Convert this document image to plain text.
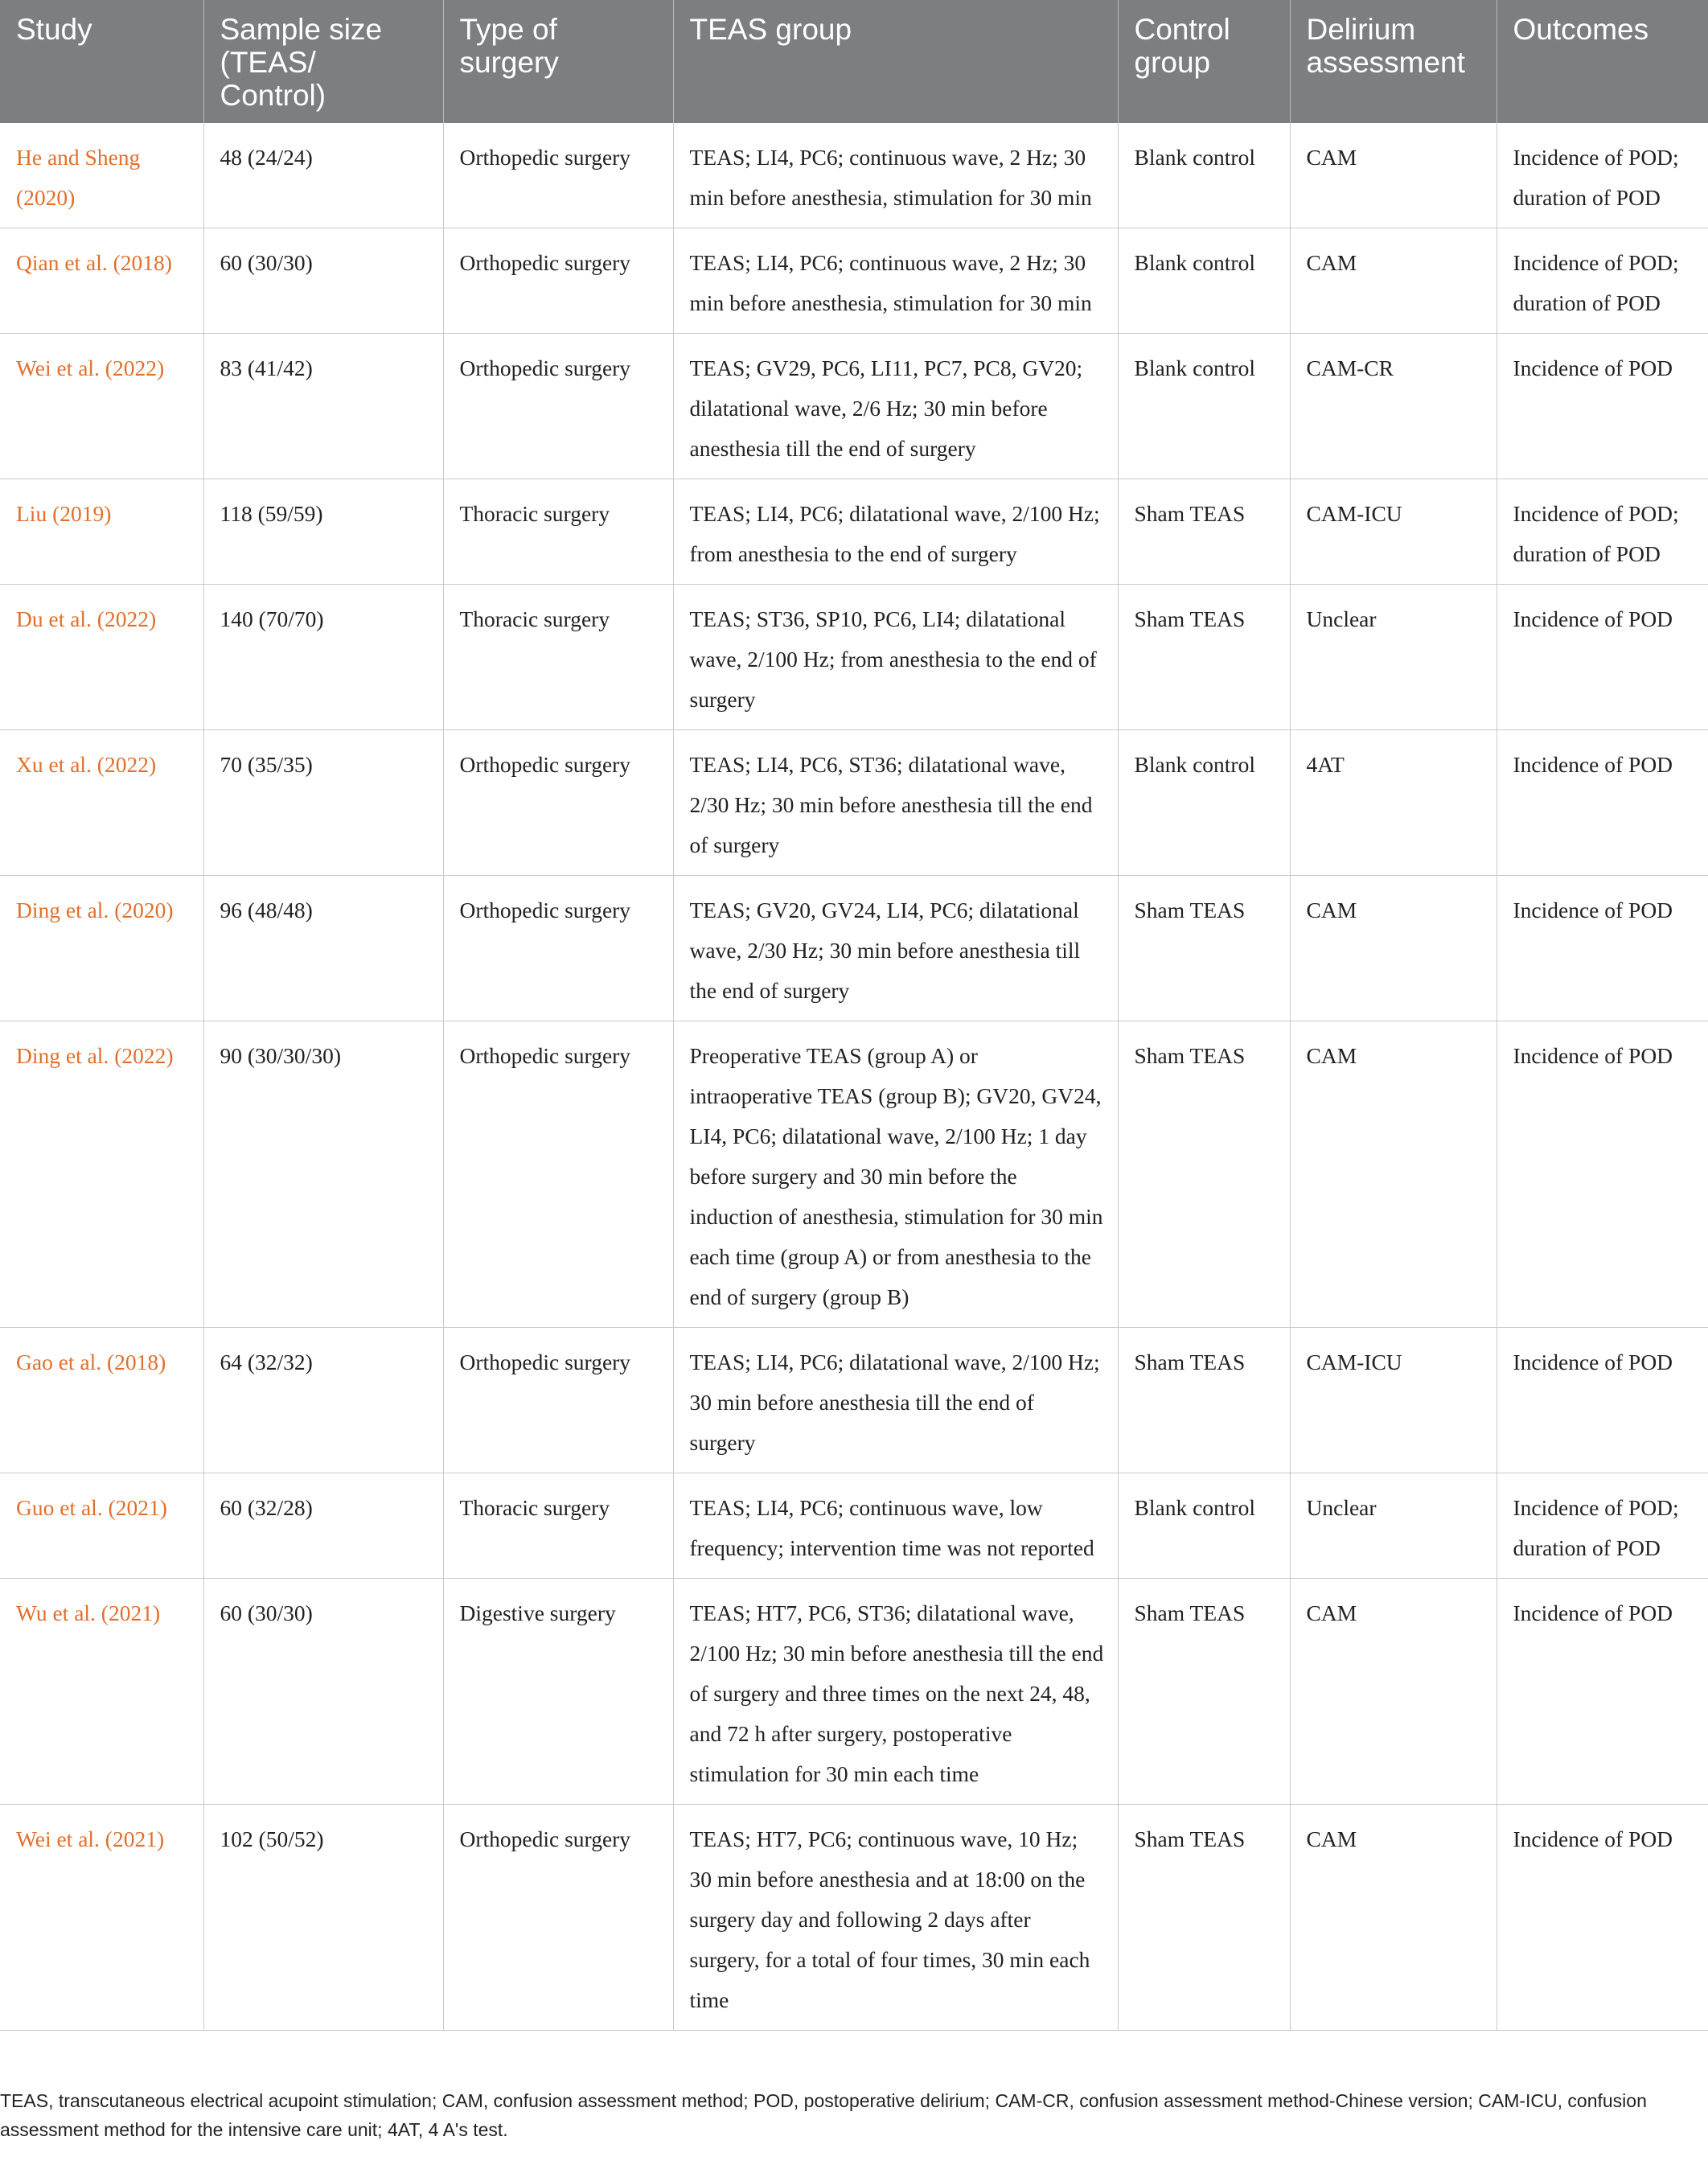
Study	Sample size (TEAS/ Control)	Type of surgery	TEAS group	Control group	Delirium assessment	Outcomes
He and Sheng (2020)	48 (24/24)	Orthopedic surgery	TEAS; LI4, PC6; continuous wave, 2 Hz; 30 min before anesthesia, stimulation for 30 min	Blank control	CAM	Incidence of POD; duration of POD
Qian et al. (2018)	60 (30/30)	Orthopedic surgery	TEAS; LI4, PC6; continuous wave, 2 Hz; 30 min before anesthesia, stimulation for 30 min	Blank control	CAM	Incidence of POD; duration of POD
Wei et al. (2022)	83 (41/42)	Orthopedic surgery	TEAS; GV29, PC6, LI11, PC7, PC8, GV20; dilatational wave, 2/6 Hz; 30 min before anesthesia till the end of surgery	Blank control	CAM-CR	Incidence of POD
Liu (2019)	118 (59/59)	Thoracic surgery	TEAS; LI4, PC6; dilatational wave, 2/100 Hz; from anesthesia to the end of surgery	Sham TEAS	CAM-ICU	Incidence of POD; duration of POD
Du et al. (2022)	140 (70/70)	Thoracic surgery	TEAS; ST36, SP10, PC6, LI4; dilatational wave, 2/100 Hz; from anesthesia to the end of surgery	Sham TEAS	Unclear	Incidence of POD
Xu et al. (2022)	70 (35/35)	Orthopedic surgery	TEAS; LI4, PC6, ST36; dilatational wave, 2/30 Hz; 30 min before anesthesia till the end of surgery	Blank control	4AT	Incidence of POD
Ding et al. (2020)	96 (48/48)	Orthopedic surgery	TEAS; GV20, GV24, LI4, PC6; dilatational wave, 2/30 Hz; 30 min before anesthesia till the end of surgery	Sham TEAS	CAM	Incidence of POD
Ding et al. (2022)	90 (30/30/30)	Orthopedic surgery	Preoperative TEAS (group A) or intraoperative TEAS (group B); GV20, GV24, LI4, PC6; dilatational wave, 2/100 Hz; 1 day before surgery and 30 min before the induction of anesthesia, stimulation for 30 min each time (group A) or from anesthesia to the end of surgery (group B)	Sham TEAS	CAM	Incidence of POD
Gao et al. (2018)	64 (32/32)	Orthopedic surgery	TEAS; LI4, PC6; dilatational wave, 2/100 Hz; 30 min before anesthesia till the end of surgery	Sham TEAS	CAM-ICU	Incidence of POD
Guo et al. (2021)	60 (32/28)	Thoracic surgery	TEAS; LI4, PC6; continuous wave, low frequency; intervention time was not reported	Blank control	Unclear	Incidence of POD; duration of POD
Wu et al. (2021)	60 (30/30)	Digestive surgery	TEAS; HT7, PC6, ST36; dilatational wave, 2/100 Hz; 30 min before anesthesia till the end of surgery and three times on the next 24, 48, and 72 h after surgery, postoperative stimulation for 30 min each time	Sham TEAS	CAM	Incidence of POD
Wei et al. (2021)	102 (50/52)	Orthopedic surgery	TEAS; HT7, PC6; continuous wave, 10 Hz; 30 min before anesthesia and at 18:00 on the surgery day and following 2 days after surgery, for a total of four times, 30 min each time	Sham TEAS	CAM	Incidence of POD
TEAS, transcutaneous electrical acupoint stimulation; CAM, confusion assessment method; POD, postoperative delirium; CAM-CR, confusion assessment method-Chinese version; CAM-ICU, confusion assessment method for the intensive care unit; 4AT, 4 A's test.
